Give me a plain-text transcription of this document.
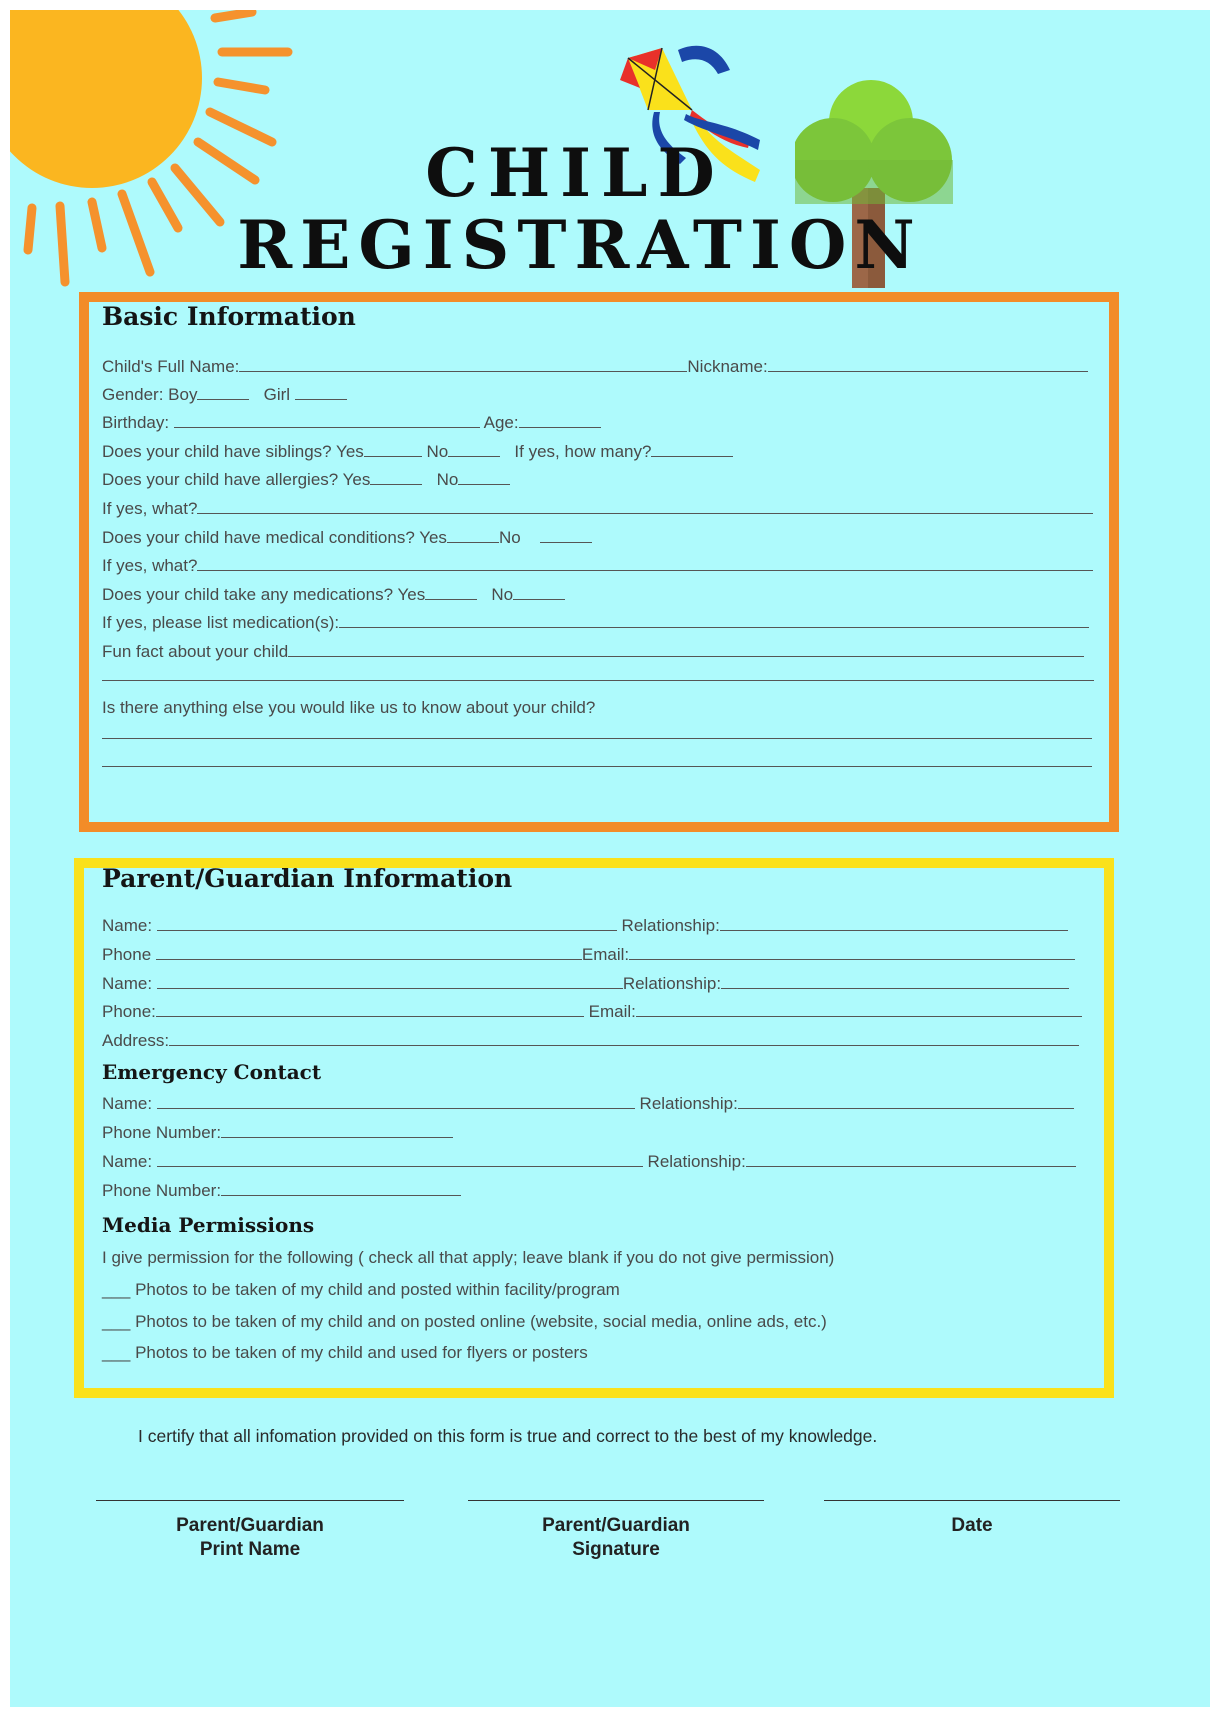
CHILD
REGISTRATION
Basic Information
Child's Full Name:	Nickname:
Gender: Boy	Girl
Birthday:	Age:
Does your child have siblings? Yes	No	If yes, how many?
Does your child have allergies? Yes	No
If yes, what?
Does your child have medical conditions? Yes	No
If yes, what?
Does your child take any medications? Yes	No
If yes, please list medication(s):
Fun fact about your child
Is there anything else you would like us to know about your child?
Parent/Guardian Information
Name:	Relationship:
Phone	Email:
Name:	Relationship:
Phone:	Email:
Address:
Emergency Contact
Name:	Relationship:
Phone Number:
Name:	Relationship:
Phone Number:
Media Permissions
I give permission for the following ( check all that apply; leave blank if you do not give permission)
___ Photos to be taken of my child and posted within facility/program
___ Photos to be taken of my child and on posted online (website, social media, online ads, etc.)
___ Photos to be taken of my child and used for flyers or posters
I certify that all infomation provided on this form is true and correct to the best of my knowledge.
Parent/Guardian
Print Name
Parent/Guardian
Signature
Date
